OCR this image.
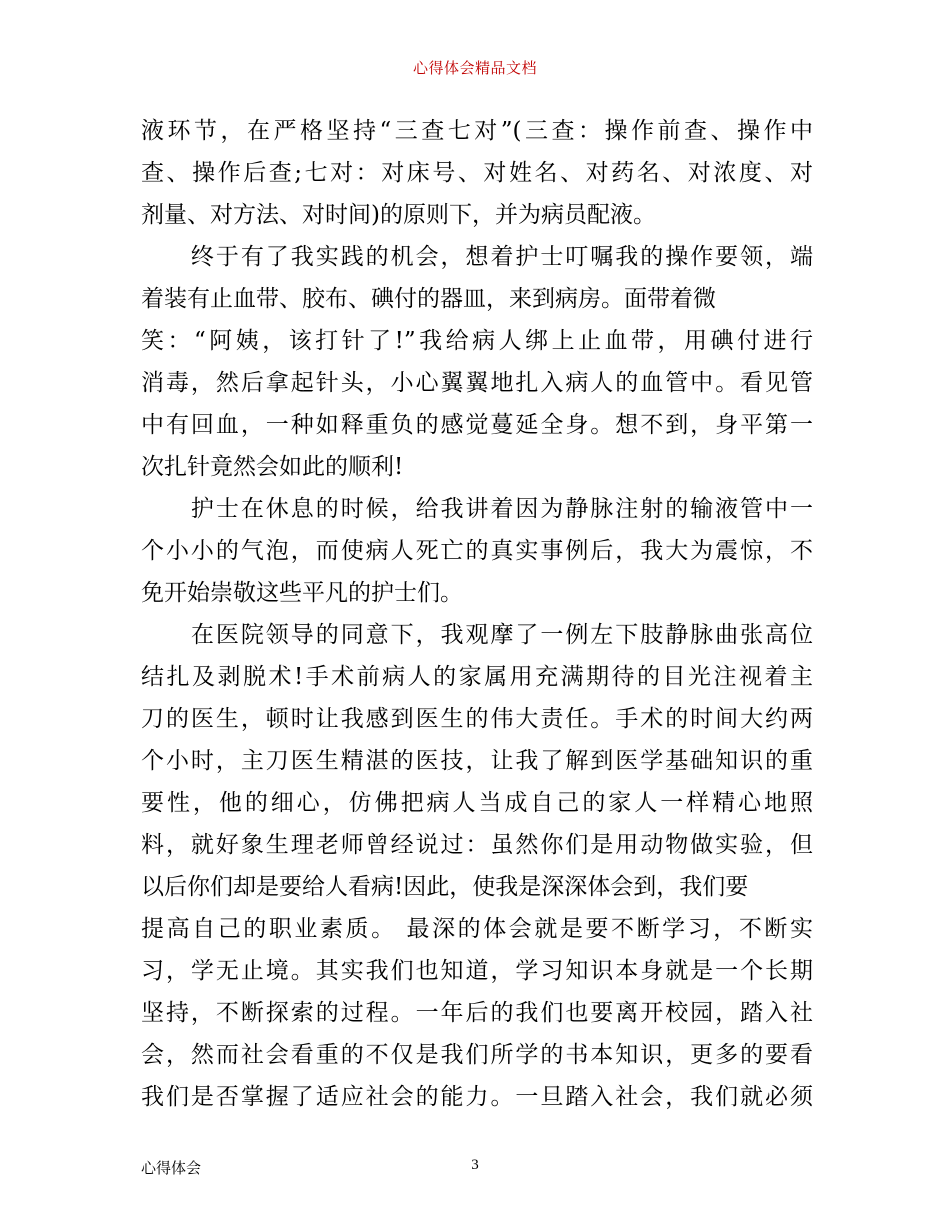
心得体会精品文档
液环节，在严格坚持“三查七对”(三查：操作前查、操作中
查、操作后查;七对：对床号、对姓名、对药名、对浓度、对
剂量、对方法、对时间)的原则下，并为病员配液。
　　终于有了我实践的机会，想着护士叮嘱我的操作要领，端
着装有止血带、胶布、碘付的器皿，来到病房。面带着微
笑：“阿姨，该打针了!”我给病人绑上止血带，用碘付进行
消毒，然后拿起针头，小心翼翼地扎入病人的血管中。看见管
中有回血，一种如释重负的感觉蔓延全身。想不到，身平第一
次扎针竟然会如此的顺利!
　　护士在休息的时候，给我讲着因为静脉注射的输液管中一
个小小的气泡，而使病人死亡的真实事例后，我大为震惊，不
免开始崇敬这些平凡的护士们。
　　在医院领导的同意下，我观摩了一例左下肢静脉曲张高位
结扎及剥脱术!手术前病人的家属用充满期待的目光注视着主
刀的医生，顿时让我感到医生的伟大责任。手术的时间大约两
个小时，主刀医生精湛的医技，让我了解到医学基础知识的重
要性，他的细心，仿佛把病人当成自己的家人一样精心地照
料，就好象生理老师曾经说过：虽然你们是用动物做实验，但
以后你们却是要给人看病!因此，使我是深深体会到，我们要
提高自己的职业素质。 最深的体会就是要不断学习，不断实
习，学无止境。其实我们也知道，学习知识本身就是一个长期
坚持，不断探索的过程。一年后的我们也要离开校园，踏入社
会，然而社会看重的不仅是我们所学的书本知识，更多的要看
我们是否掌握了适应社会的能力。一旦踏入社会，我们就必须
心得体会	3
